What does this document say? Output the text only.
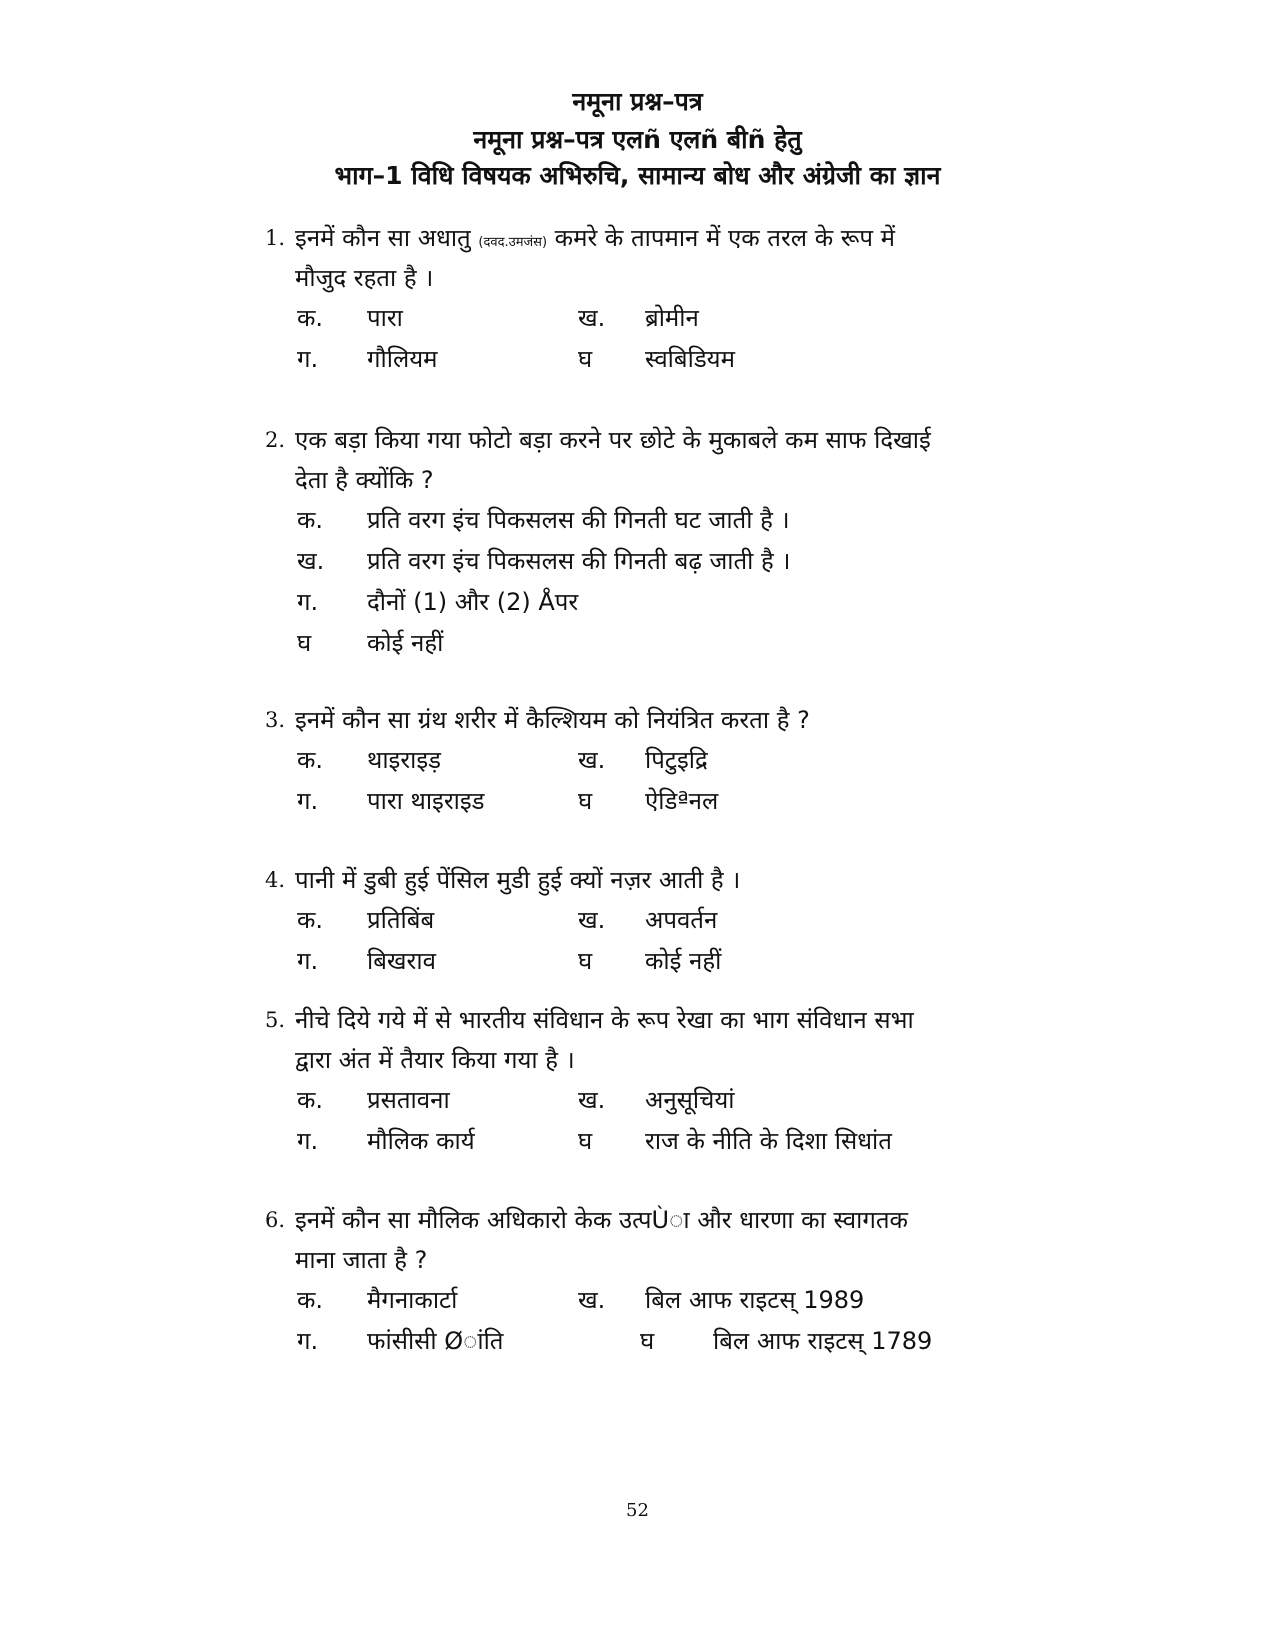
नमूना प्रश्न–पत्र
नमूना प्रश्न–पत्र एलñ एलñ बीñ हेतु
भाग–1 विधि विषयक अभिरुचि, सामान्य बोध और अंग्रेजी का ज्ञान
1. इनमें कौन सा अधातु (दवद.उमजंस) कमरे के तापमान में एक तरल के रूप में
मौजुद रहता है ।
क. पारा	ख. ब्रोमीन
ग. गौलियम	घ स्वबिडियम
2. एक बड़ा किया गया फोटो बड़ा करने पर छोटे के मुकाबले कम साफ दिखाई
देता है क्योंकि ?
क. प्रति वरग इंच पिकसलस की गिनती घट जाती है ।
ख. प्रति वरग इंच पिकसलस की गिनती बढ़ जाती है ।
ग. दौनों (1) और (2) Åपर
घ कोई नहीं
3. इनमें कौन सा ग्रंथ शरीर में कैल्शियम को नियंत्रित करता है ?
क. थाइराइड़	ख. पिटुइद्रि
ग. पारा थाइराइड	घ ऐडिªनल
4. पानी में डुबी हुई पेंसिल मुडी हुई क्यों नज़र आती है ।
क. प्रतिबिंब	ख. अपवर्तन
ग. बिखराव	घ कोई नहीं
5. नीचे दिये गये में से भारतीय संविधान के रूप रेखा का भाग संविधान सभा
द्वारा अंत में तैयार किया गया है ।
क. प्रसतावना	ख. अनुसूचियां
ग. मौलिक कार्य	घ राज के नीति के दिशा सिधांत
6. इनमें कौन सा मौलिक अधिकारो केक उत्पÙा और धारणा का स्वागतक
माना जाता है ?
क. मैगनाकार्टा	ख. बिल आफ राइटस् 1989
ग. फांसीसी Øांति	घ बिल आफ राइटस् 1789
52
